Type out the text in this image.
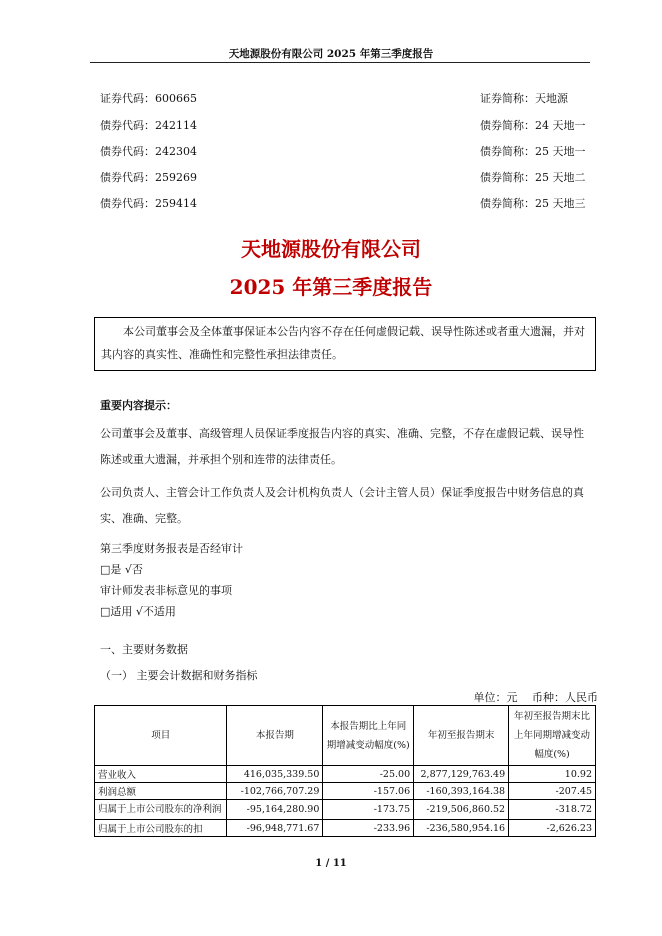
天地源股份有限公司 2025 年第三季度报告
证券代码：600665	证券简称：天地源
债券代码：242114	债券简称：24 天地一
债券代码：242304	债券简称：25 天地一
债券代码：259269	债券简称：25 天地二
债券代码：259414	债券简称：25 天地三
天地源股份有限公司
2025 年第三季度报告
本公司董事会及全体董事保证本公告内容不存在任何虚假记载、误导性陈述或者重大遗漏，并对其内容的真实性、准确性和完整性承担法律责任。
重要内容提示：
公司董事会及董事、高级管理人员保证季度报告内容的真实、准确、完整，不存在虚假记载、误导性陈述或重大遗漏，并承担个别和连带的法律责任。
公司负责人、主管会计工作负责人及会计机构负责人（会计主管人员）保证季度报告中财务信息的真实、准确、完整。
第三季度财务报表是否经审计
□是 √否
审计师发表非标意见的事项
□适用 √不适用
一、主要财务数据
（一） 主要会计数据和财务指标
单位：元　 币种：人民币
项目	本报告期	本报告期比上年同期增减变动幅度(%)	年初至报告期末	年初至报告期末比上年同期增减变动幅度(%)
营业收入	416,035,339.50	-25.00	2,877,129,763.49	10.92
利润总额	-102,766,707.29	-157.06	-160,393,164.38	-207.45
归属于上市公司股东的净利润	-95,164,280.90	-173.75	-219,506,860.52	-318.72
归属于上市公司股东的扣	-96,948,771.67	-233.96	-236,580,954.16	-2,626.23
1 / 11
